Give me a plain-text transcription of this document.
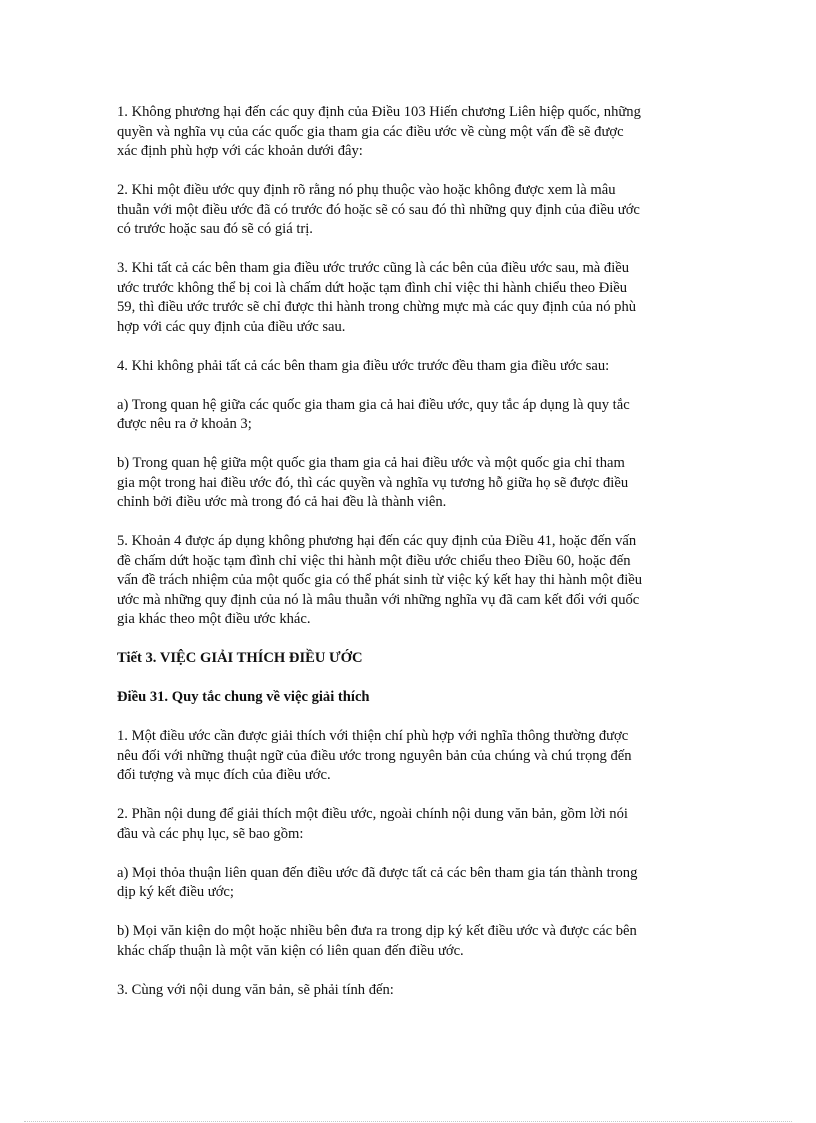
1. Không phương hại đến các quy định của Điều 103 Hiến chương Liên hiệp quốc, những
quyền và nghĩa vụ của các quốc gia tham gia các điều ước về cùng một vấn đề sẽ được
xác định phù hợp với các khoản dưới đây:

2. Khi một điều ước quy định rõ rằng nó phụ thuộc vào hoặc không được xem là mâu
thuẫn với một điều ước đã có trước đó hoặc sẽ có sau đó thì những quy định của điều ước
có trước hoặc sau đó sẽ có giá trị.

3. Khi tất cả các bên tham gia điều ước trước cũng là các bên của điều ước sau, mà điều
ước trước không thể bị coi là chấm dứt hoặc tạm đình chỉ việc thi hành chiểu theo Điều
59, thì điều ước trước sẽ chỉ được thi hành trong chừng mực mà các quy định của nó phù
hợp với các quy định của điều ước sau.

4. Khi không phải tất cả các bên tham gia điều ước trước đều tham gia điều ước sau:

a) Trong quan hệ giữa các quốc gia tham gia cả hai điều ước, quy tắc áp dụng là quy tắc
được nêu ra ở khoản 3;

b) Trong quan hệ giữa một quốc gia tham gia cả hai điều ước và một quốc gia chỉ tham
gia một trong hai điều ước đó, thì các quyền và nghĩa vụ tương hỗ giữa họ sẽ được điều
chỉnh bởi điều ước mà trong đó cả hai đều là thành viên.

5. Khoản 4 được áp dụng không phương hại đến các quy định của Điều 41, hoặc đến vấn
đề chấm dứt hoặc tạm đình chỉ việc thi hành một điều ước chiểu theo Điều 60, hoặc đến
vấn đề trách nhiệm của một quốc gia có thể phát sinh từ việc ký kết hay thi hành một điều
ước mà những quy định của nó là mâu thuẫn với những nghĩa vụ đã cam kết đối với quốc
gia khác theo một điều ước khác.

Tiết 3. VIỆC GIẢI THÍCH ĐIỀU ƯỚC
Điều 31. Quy tắc chung về việc giải thích

1. Một điều ước cần được giải thích với thiện chí phù hợp với nghĩa thông thường được
nêu đối với những thuật ngữ của điều ước trong nguyên bản của chúng và chú trọng đến
đối tượng và mục đích của điều ước.

2. Phần nội dung để giải thích một điều ước, ngoài chính nội dung văn bản, gồm lời nói
đầu và các phụ lục, sẽ bao gồm:

a) Mọi thỏa thuận liên quan đến điều ước đã được tất cả các bên tham gia tán thành trong
dịp ký kết điều ước;

b) Mọi văn kiện do một hoặc nhiều bên đưa ra trong dịp ký kết điều ước và được các bên
khác chấp thuận là một văn kiện có liên quan đến điều ước.

3. Cùng với nội dung văn bản, sẽ phải tính đến:
